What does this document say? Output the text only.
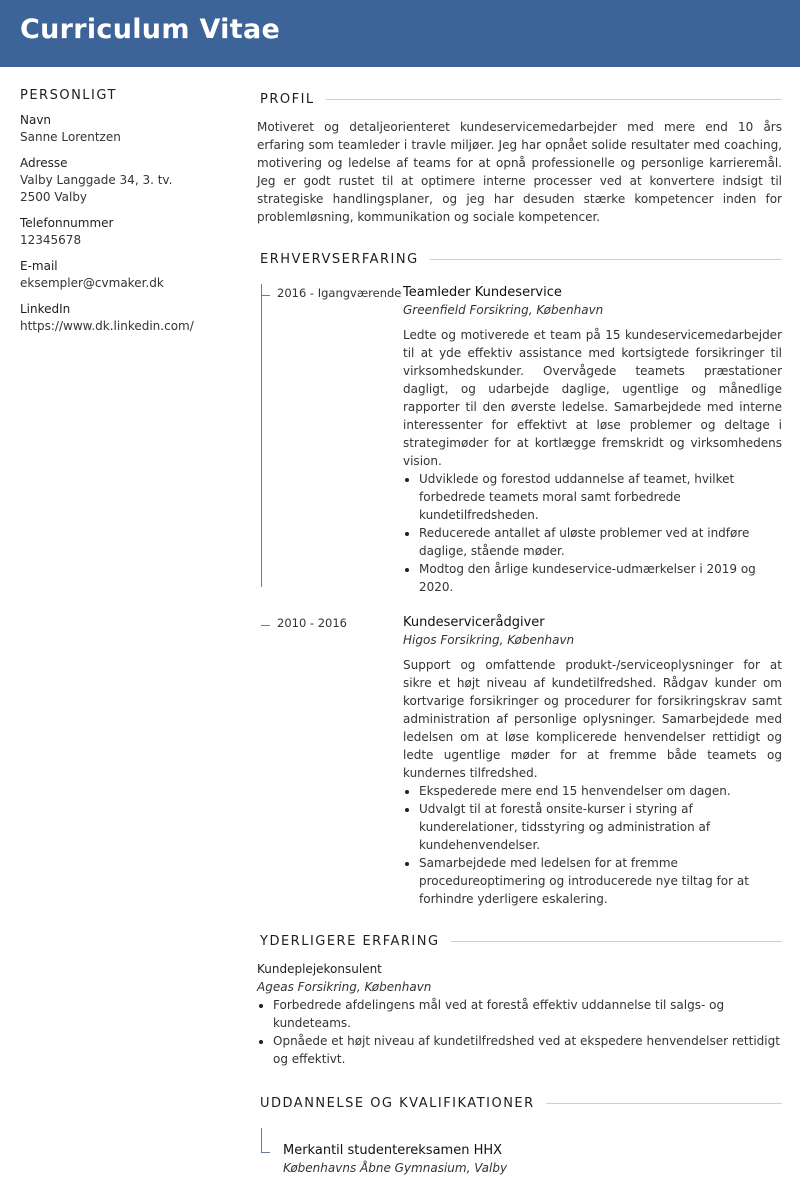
Curriculum Vitae
PERSONLIGT
Navn
Sanne Lorentzen
Adresse
Valby Langgade 34, 3. tv.
2500 Valby
Telefonnummer
12345678
E-mail
eksempler@cvmaker.dk
LinkedIn
https://www.dk.linkedin.com/
PROFIL

Motiveret og detaljeorienteret kundeservicemedarbejder med mere end 10 års erfaring som teamleder i travle miljøer. Jeg har opnået solide resultater med coaching, motivering og ledelse af teams for at opnå professionelle og personlige karrieremål. Jeg er godt rustet til at optimere interne processer ved at konvertere indsigt til strategiske handlingsplaner, og jeg har desuden stærke kompetencer inden for problemløsning, kommunikation og sociale kompetencer.

ERHVERVSERFARING
2016 - Igangværende Teamleder Kundeservice
Greenfield Forsikring, København
Ledte og motiverede et team på 15 kundeservicemedarbejder til at yde effektiv assistance med kortsigtede forsikringer til virksomhedskunder. Overvågede teamets præstationer dagligt, og udarbejde daglige, ugentlige og månedlige rapporter til den øverste ledelse. Samarbejdede med interne interessenter for effektivt at løse problemer og deltage i strategimøder for at kortlægge fremskridt og virksomhedens vision.
• Udviklede og forestod uddannelse af teamet, hvilket forbedrede teamets moral samt forbedrede kundetilfredsheden.
• Reducerede antallet af uløste problemer ved at indføre daglige, stående møder.
• Modtog den årlige kundeservice-udmærkelser i 2019 og 2020.
2010 - 2016	Kundeservicerådgiver
Higos Forsikring, København
Support og omfattende produkt-/serviceoplysninger for at sikre et højt niveau af kundetilfredshed. Rådgav kunder om kortvarige forsikringer og procedurer for forsikringskrav samt administration af personlige oplysninger. Samarbejdede med ledelsen om at løse komplicerede henvendelser rettidigt og ledte ugentlige møder for at fremme både teamets og kundernes tilfredshed.
• Ekspederede mere end 15 henvendelser om dagen.
• Udvalgt til at forestå onsite-kurser i styring af kunderelationer, tidsstyring og administration af kundehenvendelser.
• Samarbejdede med ledelsen for at fremme procedureoptimering og introducerede nye tiltag for at forhindre yderligere eskalering.
YDERLIGERE ERFARING
Kundeplejekonsulent
Ageas Forsikring, København
• Forbedrede afdelingens mål ved at forestå effektiv uddannelse til salgs- og kundeteams.
• Opnåede et højt niveau af kundetilfredshed ved at ekspedere henvendelser rettidigt og effektivt.
UDDANNELSE OG KVALIFIKATIONER
Merkantil studentereksamen HHX
Københavns Åbne Gymnasium, Valby
